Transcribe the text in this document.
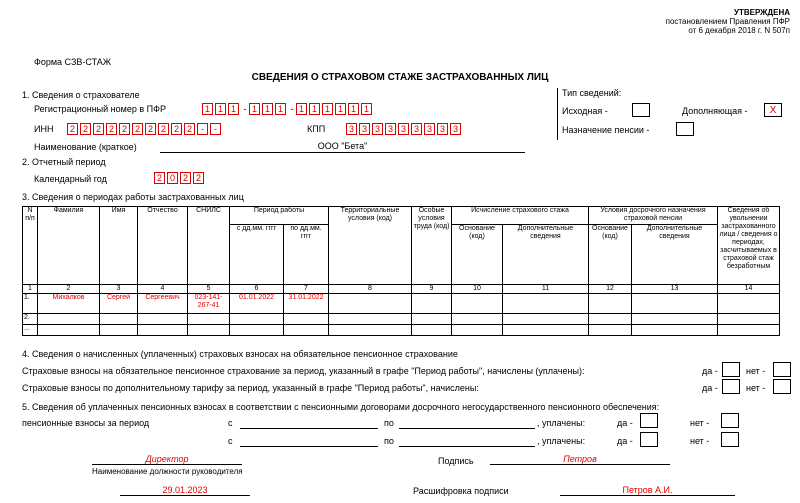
УТВЕРЖДЕНА
постановлением Правления ПФР
от 6 декабря 2018 г. N 507п
Форма СЗВ-СТАЖ
СВЕДЕНИЯ О СТРАХОВОМ СТАЖЕ ЗАСТРАХОВАННЫХ ЛИЦ
1. Сведения о страхователе
Регистрационный номер в ПФР	1 1 1 - 1 1 1 - 1 1 1 1 1 1
ИНН	2 2 2 2 2 2 2 2 2 2	-	-	КПП	3 3 3 3 3 3 3 3 3
Наименование (краткое)	ООО "Бета"
Тип сведений:
Исходная -	Дополняющая -	X
Назначение пенсии -
2. Отчетный период
Календарный год	2 0 2 2
3. Сведения о периодах работы застрахованных лиц
N п/п	Фамилия	Имя	Отчество	СНИЛС	Период работы		Территориальные условия (код)	Особые условия труда (код)	Исчисление страхового стажа		Условия досрочного назначения страховой пенсии		Сведения об увольнении застрахованного лица / сведения о периодах, засчитываемых в страховой стаж безработным
					с дд.мм. гггг	по дд.мм. гггг			Основание (код)	Дополнительные сведения	Основание (код)	Дополнительные сведения	
1	2	3	4	5	6	7	8	9	10	11	12	13	14
1.	Михалков	Сергей	Сергеевич	023-141-267-41	01.01.2022	31.01.2022							
2.													
...													
4. Сведения о начисленных (уплаченных) страховых взносах на обязательное пенсионное страхование
Страховые взносы на обязательное пенсионное страхование за период, указанный в графе "Период работы", начислены (уплачены):	да -	нет -
Страховые взносы по дополнительному тарифу за период, указанный в графе "Период работы", начислены:	да -	нет -
5. Сведения об уплаченных пенсионных взносах в соответствии с пенсионными договорами досрочного негосударственного пенсионного обеспечения:
пенсионные взносы за период	с	по	, уплачены:	да -	нет -
с	по	, уплачены:	да -	нет -
Директор
Наименование должности руководителя
Подпись	Петров
29.01.2023	Расшифровка подписи	Петров А.И.
